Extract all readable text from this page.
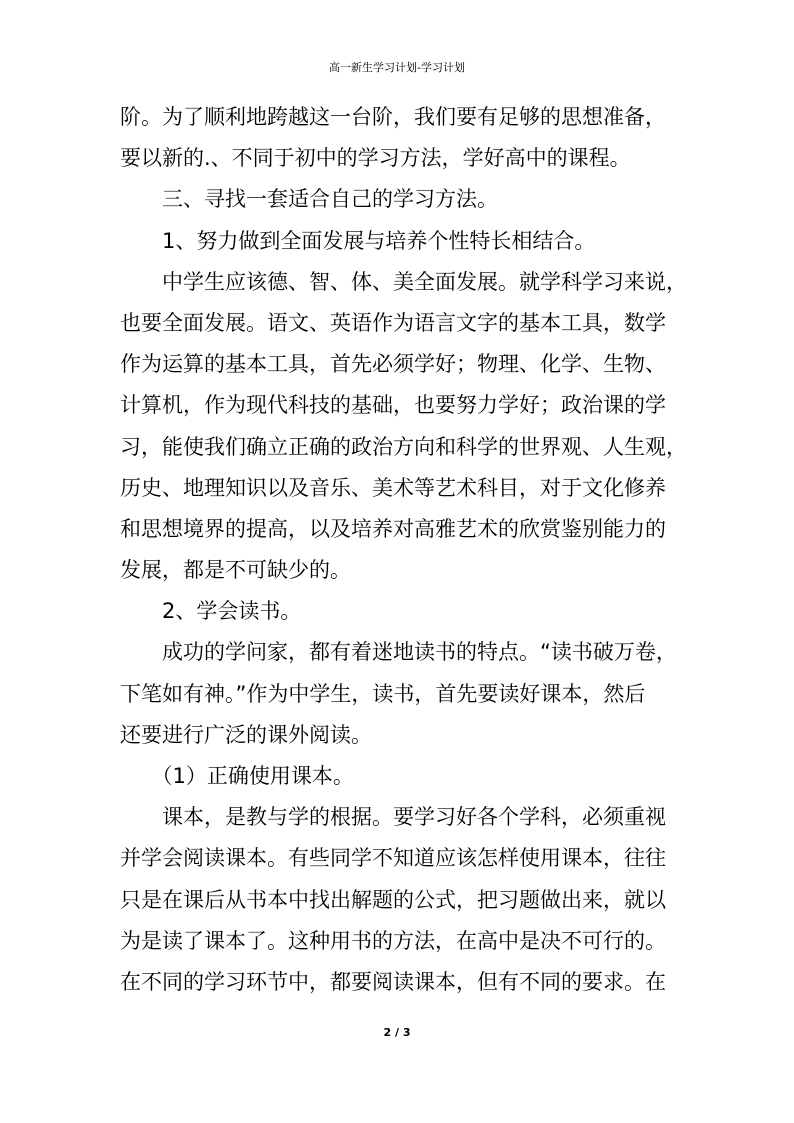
高一新生学习计划-学习计划
阶。为了顺利地跨越这一台阶，我们要有足够的思想准备，
要以新的.、不同于初中的学习方法，学好高中的课程。
　　三、寻找一套适合自己的学习方法。
　　1、努力做到全面发展与培养个性特长相结合。
　　中学生应该德、智、体、美全面发展。就学科学习来说，
也要全面发展。语文、英语作为语言文字的基本工具，数学
作为运算的基本工具，首先必须学好；物理、化学、生物、
计算机，作为现代科技的基础，也要努力学好；政治课的学
习，能使我们确立正确的政治方向和科学的世界观、人生观，
历史、地理知识以及音乐、美术等艺术科目，对于文化修养
和思想境界的提高，以及培养对高雅艺术的欣赏鉴别能力的
发展，都是不可缺少的。
　　2、学会读书。
　　成功的学问家，都有着迷地读书的特点。“读书破万卷，
下笔如有神。”作为中学生，读书，首先要读好课本，然后
还要进行广泛的课外阅读。
　　（1）正确使用课本。
　　课本，是教与学的根据。要学习好各个学科，必须重视
并学会阅读课本。有些同学不知道应该怎样使用课本，往往
只是在课后从书本中找出解题的公式，把习题做出来，就以
为是读了课本了。这种用书的方法，在高中是决不可行的。
在不同的学习环节中，都要阅读课本，但有不同的要求。在
2 / 3
